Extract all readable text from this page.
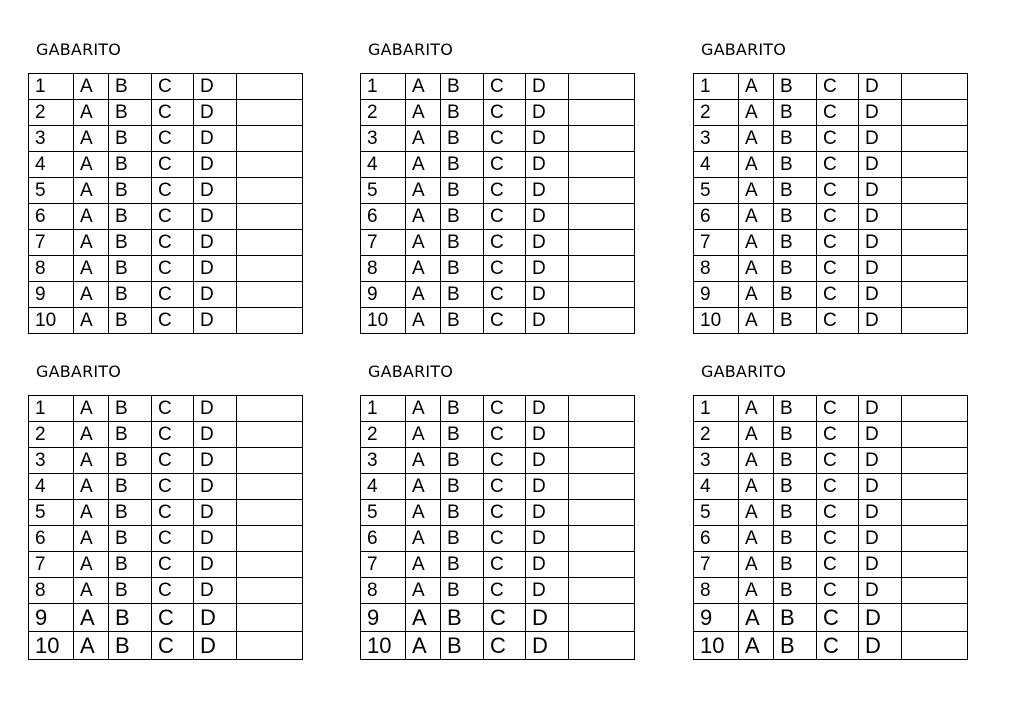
GABARITO
1	A	B	C	D	
2	A	B	C	D	
3	A	B	C	D	
4	A	B	C	D	
5	A	B	C	D	
6	A	B	C	D	
7	A	B	C	D	
8	A	B	C	D	
9	A	B	C	D	
10	A	B	C	D	
GABARITO
1	A	B	C	D	
2	A	B	C	D	
3	A	B	C	D	
4	A	B	C	D	
5	A	B	C	D	
6	A	B	C	D	
7	A	B	C	D	
8	A	B	C	D	
9	A	B	C	D	
10	A	B	C	D	
GABARITO
1	A	B	C	D	
2	A	B	C	D	
3	A	B	C	D	
4	A	B	C	D	
5	A	B	C	D	
6	A	B	C	D	
7	A	B	C	D	
8	A	B	C	D	
9	A	B	C	D	
10	A	B	C	D	
GABARITO
1	A	B	C	D	
2	A	B	C	D	
3	A	B	C	D	
4	A	B	C	D	
5	A	B	C	D	
6	A	B	C	D	
7	A	B	C	D	
8	A	B	C	D	
9	A	B	C	D	
10	A	B	C	D	
GABARITO
1	A	B	C	D	
2	A	B	C	D	
3	A	B	C	D	
4	A	B	C	D	
5	A	B	C	D	
6	A	B	C	D	
7	A	B	C	D	
8	A	B	C	D	
9	A	B	C	D	
10	A	B	C	D	
GABARITO
1	A	B	C	D	
2	A	B	C	D	
3	A	B	C	D	
4	A	B	C	D	
5	A	B	C	D	
6	A	B	C	D	
7	A	B	C	D	
8	A	B	C	D	
9	A	B	C	D	
10	A	B	C	D	
